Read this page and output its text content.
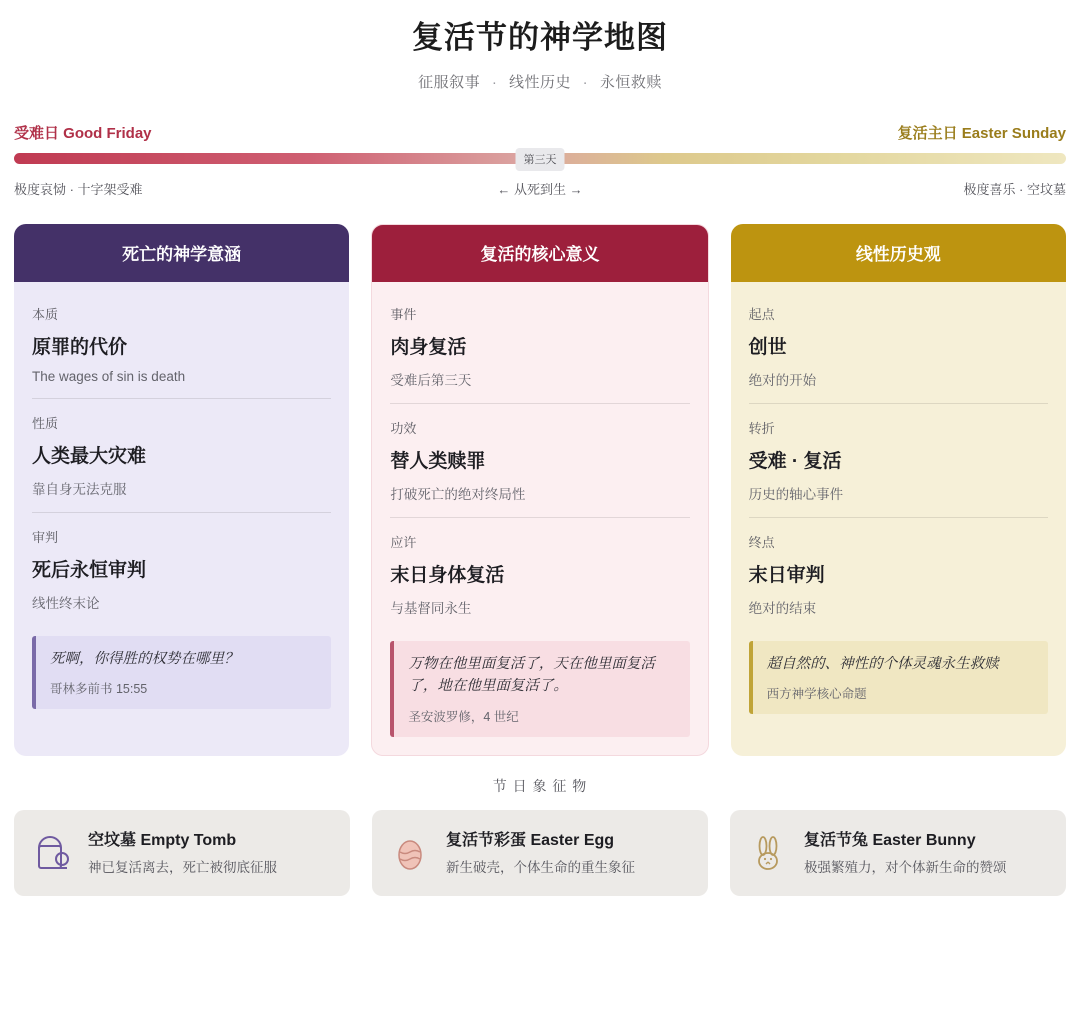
复活节的神学地图
征服叙事 · 线性历史 · 永恒救赎
受难日 Good Friday	复活主日 Easter Sunday
第三天
极度哀恸 · 十字架受难	← 从死到生 →	极度喜乐 · 空坟墓
死亡的神学意涵
本质
原罪的代价
The wages of sin is death
性质
人类最大灾难
靠自身无法克服
审判
死后永恒审判
线性终末论
死啊，你得胜的权势在哪里？
哥林多前书 15:55
复活的核心意义
事件
肉身复活
受难后第三天
功效
替人类赎罪
打破死亡的绝对终局性
应许
末日身体复活
与基督同永生
万物在他里面复活了，天在他里面复活了，地在他里面复活了。
圣安波罗修，4 世纪
线性历史观
起点
创世
绝对的开始
转折
受难 · 复活
历史的轴心事件
终点
末日审判
绝对的结束
超自然的、神性的个体灵魂永生救赎
西方神学核心命题
节 日 象 征 物
空坟墓 Empty Tomb
神已复活离去，死亡被彻底征服
复活节彩蛋 Easter Egg
新生破壳，个体生命的重生象征
复活节兔 Easter Bunny
极强繁殖力，对个体新生命的赞颂
